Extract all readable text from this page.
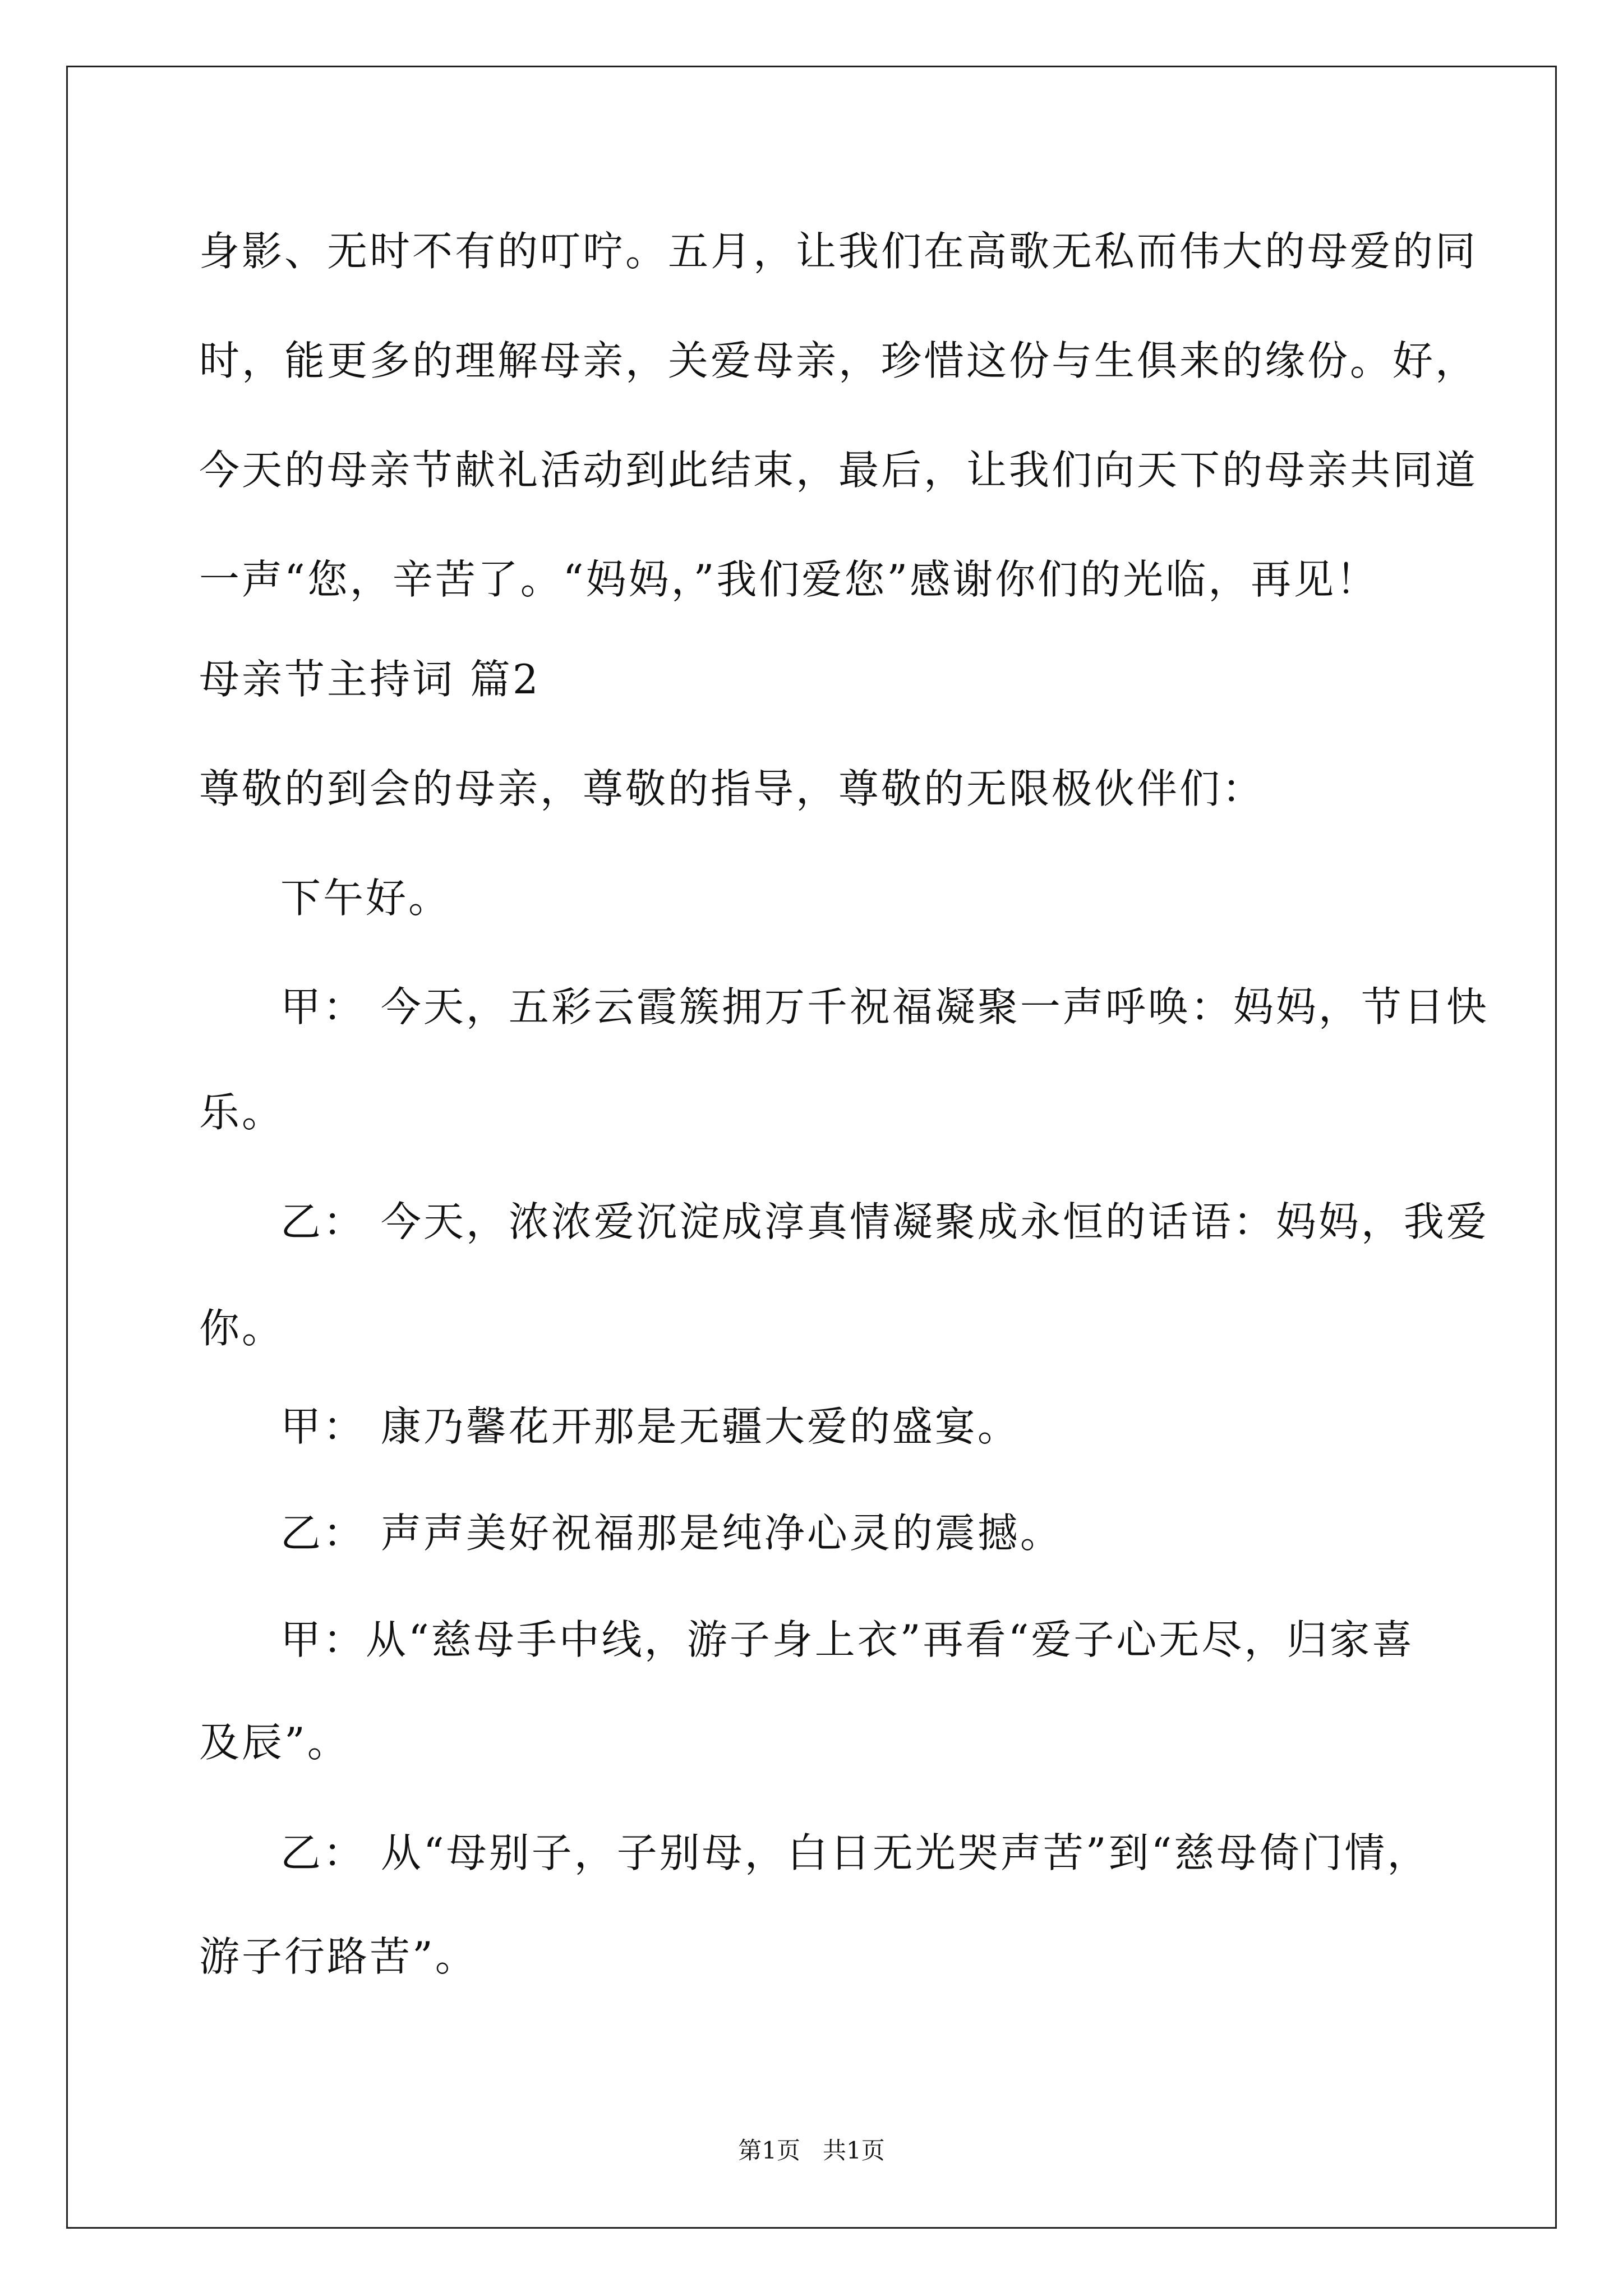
身影、无时不有的叮咛。五月，让我们在高歌无私而伟大的母爱的同
时，能更多的理解母亲，关爱母亲，珍惜这份与生俱来的缘份。好，
今天的母亲节献礼活动到此结束，最后，让我们向天下的母亲共同道
一声“您，辛苦了。“妈妈，”我们爱您”感谢你们的光临，再见！
母亲节主持词 篇2
尊敬的到会的母亲，尊敬的指导，尊敬的无限极伙伴们：
下午好。
甲： 今天，五彩云霞簇拥万千祝福凝聚一声呼唤：妈妈，节日快
乐。
乙： 今天，浓浓爱沉淀成淳真情凝聚成永恒的话语：妈妈，我爱
你。
甲： 康乃馨花开那是无疆大爱的盛宴。
乙： 声声美好祝福那是纯净心灵的震撼。
甲：从“慈母手中线，游子身上衣”再看“爱子心无尽，归家喜
及辰”。
乙： 从“母别子，子别母，白日无光哭声苦”到“慈母倚门情，
游子行路苦”。
第1页   共1页
